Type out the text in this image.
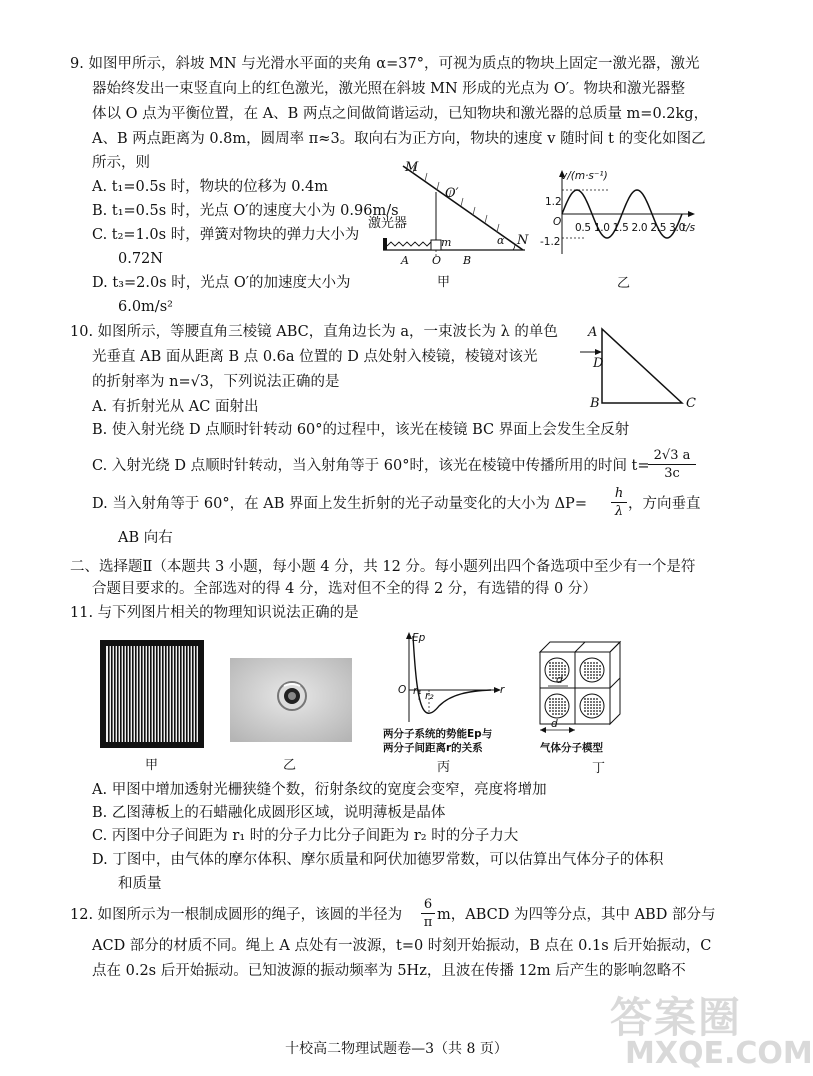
9. 如图甲所示，斜坡 MN 与光滑水平面的夹角 α=37°，可视为质点的物块上固定一激光器，激光
器始终发出一束竖直向上的红色激光，激光照在斜坡 MN 形成的光点为 O′。物块和激光器整
体以 O 点为平衡位置，在 A、B 两点之间做简谐运动，已知物块和激光器的总质量 m=0.2kg，
A、B 两点距离为 0.8m，圆周率 π≈3。取向右为正方向，物块的速度 v 随时间 t 的变化如图乙
所示，则
A. t₁=0.5s 时，物块的位移为 0.4m
B. t₁=0.5s 时，光点 O′的速度大小为 0.96m/s
C. t₂=1.0s 时，弹簧对物块的弹力大小为
0.72N
D. t₃=2.0s 时，光点 O′的加速度大小为
6.0m/s²
M
O′
激光器
m	α N
A O B
甲
v/(m·s⁻¹)
1.2
-1.2
O 0.5 1.0 1.5 2.0 2.5 3.0
t/s
乙
10. 如图所示，等腰直角三棱镜 ABC，直角边长为 a，一束波长为 λ 的单色
光垂直 AB 面从距离 B 点 0.6a 位置的 D 点处射入棱镜，棱镜对该光
的折射率为 n=√3，下列说法正确的是
A. 有折射光从 AC 面射出
B. 使入射光绕 D 点顺时针转动 60°的过程中，该光在棱镜 BC 界面上会发生全反射
C. 入射光绕 D 点顺时针转动，当入射角等于 60°时，该光在棱镜中传播所用的时间 t=
2√3 a
3c
D. 当入射角等于 60°，在 AB 界面上发生折射的光子动量变化的大小为 ΔP=
h
λ ，方向垂直
AB 向右
A
D
B	C
二、选择题Ⅱ（本题共 3 小题，每小题 4 分，共 12 分。每小题列出四个备选项中至少有一个是符
合题目要求的。全部选对的得 4 分，选对但不全的得 2 分，有选错的得 0 分）
11. 与下列图片相关的物理知识说法正确的是
甲	乙
Ep
O r₁ r₂	r
两分子系统的势能Ep与
两分子间距离r的关系
丙
d
d
气体分子模型
丁
A. 甲图中增加透射光栅狭缝个数，衍射条纹的宽度会变窄，亮度将增加
B. 乙图薄板上的石蜡融化成圆形区域，说明薄板是晶体
C. 丙图中分子间距为 r₁ 时的分子力比分子间距为 r₂ 时的分子力大
D. 丁图中，由气体的摩尔体积、摩尔质量和阿伏加德罗常数，可以估算出气体分子的体积
和质量
12. 如图所示为一根制成圆形的绳子，该圆的半径为
6
π m，ABCD 为四等分点，其中 ABD 部分与
ACD 部分的材质不同。绳上 A 点处有一波源，t=0 时刻开始振动，B 点在 0.1s 后开始振动，C
点在 0.2s 后开始振动。已知波源的振动频率为 5Hz，且波在传播 12m 后产生的影响忽略不
十校高二物理试题卷—3（共 8 页）
答案圈
MXQE.COM
